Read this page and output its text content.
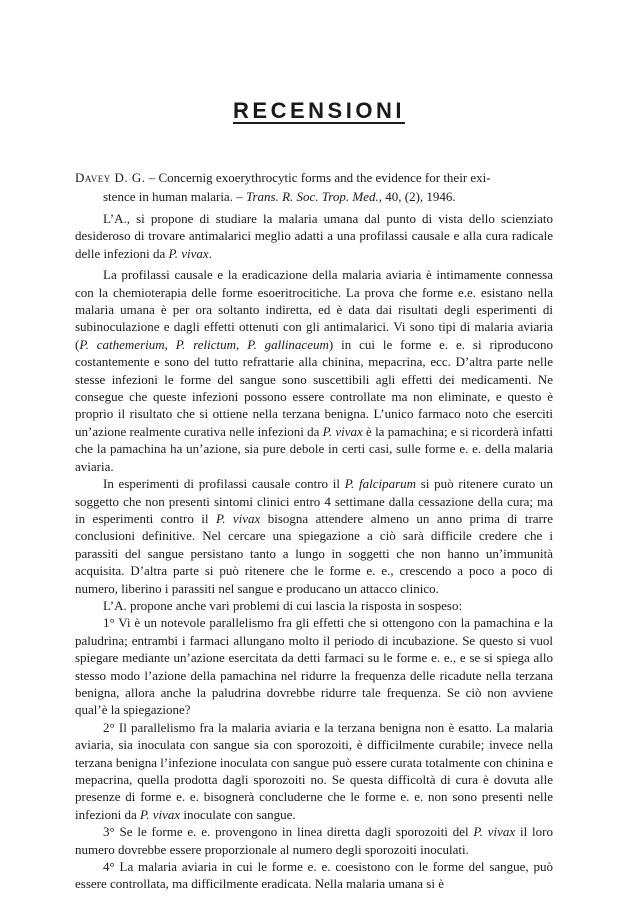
RECENSIONI
Davey D. G. – Concernig exoerythrocytic forms and the evidence for their exi-
stence in human malaria. – Trans. R. Soc. Trop. Med., 40, (2), 1946.

L’A., si propone di studiare la malaria umana dal punto di vista dello scienziato desideroso di trovare antimalarici meglio adatti a una profilassi causale e alla cura radicale delle infezioni da P. vivax.

La profilassi causale e la eradicazione della malaria aviaria è intimamente connessa con la chemioterapia delle forme esoeritrocitiche. La prova che forme e.e. esistano nella malaria umana è per ora soltanto indiretta, ed è data dai risultati degli esperimenti di subinoculazione e dagli effetti ottenuti con gli antimalarici. Vi sono tipi di malaria aviaria (P. cathemerium, P. relictum, P. gallinaceum) in cui le forme e. e. si riproducono costantemente e sono del tutto refrattarie alla chinina, mepacrina, ecc. D’altra parte nelle stesse infezioni le forme del sangue sono suscettibili agli effetti dei medicamenti. Ne consegue che queste infezioni possono essere controllate ma non eliminate, e questo è proprio il risultato che si ottiene nella terzana benigna. L’unico farmaco noto che eserciti un’azione realmente curativa nelle infezioni da P. vivax è la pamachina; e si ricorderà infatti che la pamachina ha un’azione, sia pure debole in certi casi, sulle forme e. e. della malaria aviaria.

In esperimenti di profilassi causale contro il P. falciparum si può ritenere curato un soggetto che non presenti sintomi clinici entro 4 settimane dalla cessazione della cura; ma in esperimenti contro il P. vivax bisogna attendere almeno un anno prima di trarre conclusioni definitive. Nel cercare una spiegazione a ciò sarà difficile credere che i parassiti del sangue persistano tanto a lungo in soggetti che non hanno un’immunità acquisita. D’altra parte si può ritenere che le forme e. e., crescendo a poco a poco di numero, liberino i parassiti nel sangue e producano un attacco clinico.

L’A. propone anche vari problemi di cui lascia la risposta in sospeso:

1° Vi è un notevole parallelismo fra gli effetti che si ottengono con la pamachina e la paludrina; entrambi i farmaci allungano molto il periodo di incubazione. Se questo si vuol spiegare mediante un’azione esercitata da detti farmaci su le forme e. e., e se si spiega allo stesso modo l’azione della pamachina nel ridurre la frequenza delle ricadute nella terzana benigna, allora anche la paludrina dovrebbe ridurre tale frequenza. Se ciò non avviene qual’è la spiegazione?

2° Il parallelismo fra la malaria aviaria e la terzana benigna non è esatto. La malaria aviaria, sia inoculata con sangue sia con sporozoiti, è difficilmente curabile; invece nella terzana benigna l’infezione inoculata con sangue può essere curata totalmente con chinina e mepacrina, quella prodotta dagli sporozoiti no. Se questa difficoltà di cura è dovuta alle presenze di forme e. e. bisognerà concluderne che le forme e. e. non sono presenti nelle infezioni da P. vivax inoculate con sangue.

3° Se le forme e. e. provengono in linea diretta dagli sporozoiti del P. vivax il loro numero dovrebbe essere proporzionale al numero degli sporozoiti inoculati.

4° La malaria aviaria in cui le forme e. e. coesistono con le forme del sangue, può essere controllata, ma difficilmente eradicata. Nella malaria umana si è
